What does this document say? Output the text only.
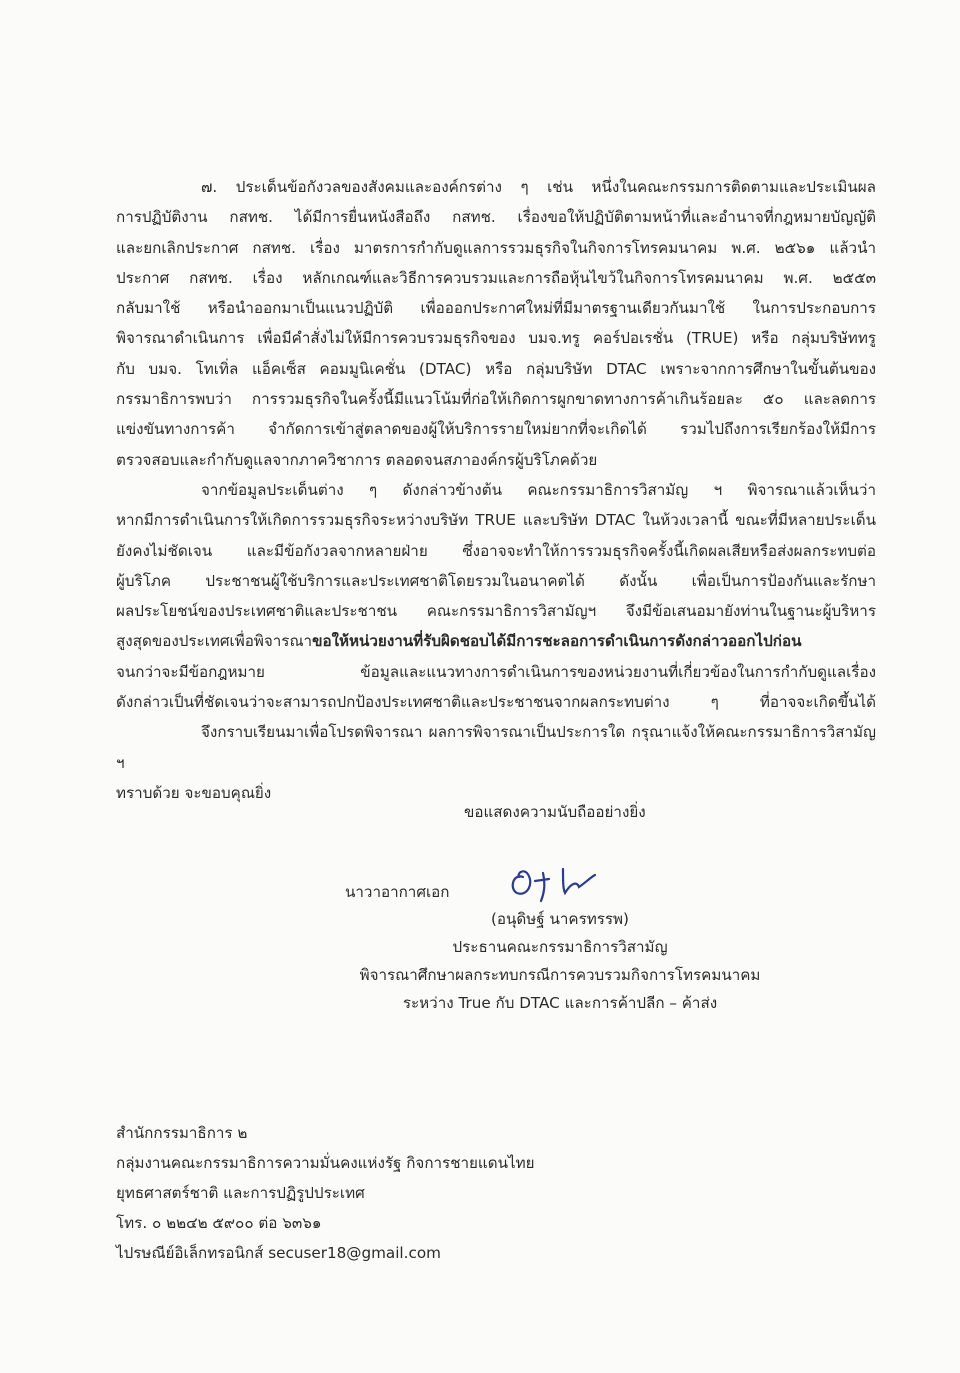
๗. ประเด็นข้อกังวลของสังคมและองค์กรต่าง ๆ เช่น หนึ่งในคณะกรรมการติดตามและประเมินผล

การปฏิบัติงาน กสทช. ได้มีการยื่นหนังสือถึง กสทช. เรื่องขอให้ปฏิบัติตามหน้าที่และอำนาจที่กฎหมายบัญญัติ

และยกเลิกประกาศ กสทช. เรื่อง มาตรการกำกับดูแลการรวมธุรกิจในกิจการโทรคมนาคม พ.ศ. ๒๕๖๑ แล้วนำ

ประกาศ กสทช. เรื่อง หลักเกณฑ์และวิธีการควบรวมและการถือหุ้นไขว้ในกิจการโทรคมนาคม พ.ศ. ๒๕๕๓

กลับมาใช้ หรือนำออกมาเป็นแนวปฏิบัติ เพื่อออกประกาศใหม่ที่มีมาตรฐานเดียวกันมาใช้ ในการประกอบการ

พิจารณาดำเนินการ เพื่อมีคำสั่งไม่ให้มีการควบรวมธุรกิจของ บมจ.ทรู คอร์ปอเรชั่น (TRUE) หรือ กลุ่มบริษัททรู

กับ บมจ. โทเทิ่ล แอ็คเซ็ส คอมมูนิเคชั่น (DTAC) หรือ กลุ่มบริษัท DTAC เพราะจากการศึกษาในขั้นต้นของ

กรรมาธิการพบว่า การรวมธุรกิจในครั้งนี้มีแนวโน้มที่ก่อให้เกิดการผูกขาดทางการค้าเกินร้อยละ ๕๐ และลดการ

แข่งขันทางการค้า จำกัดการเข้าสู่ตลาดของผู้ให้บริการรายใหม่ยากที่จะเกิดได้ รวมไปถึงการเรียกร้องให้มีการ

ตรวจสอบและกำกับดูแลจากภาควิชาการ ตลอดจนสภาองค์กรผู้บริโภคด้วย

จากข้อมูลประเด็นต่าง ๆ ดังกล่าวข้างต้น คณะกรรมาธิการวิสามัญ ฯ พิจารณาแล้วเห็นว่า

หากมีการดำเนินการให้เกิดการรวมธุรกิจระหว่างบริษัท TRUE และบริษัท DTAC ในห้วงเวลานี้ ขณะที่มีหลายประเด็น

ยังคงไม่ชัดเจน และมีข้อกังวลจากหลายฝ่าย ซึ่งอาจจะทำให้การรวมธุรกิจครั้งนี้เกิดผลเสียหรือส่งผลกระทบต่อ

ผู้บริโภค ประชาชนผู้ใช้บริการและประเทศชาติโดยรวมในอนาคตได้ ดังนั้น เพื่อเป็นการป้องกันและรักษา

ผลประโยชน์ของประเทศชาติและประชาชน คณะกรรมาธิการวิสามัญฯ จึงมีข้อเสนอมายังท่านในฐานะผู้บริหาร

สูงสุดของประเทศเพื่อพิจารณาขอให้หน่วยงานที่รับผิดชอบได้มีการชะลอการดำเนินการดังกล่าวออกไปก่อน

จนกว่าจะมีข้อกฎหมาย ข้อมูลและแนวทางการดำเนินการของหน่วยงานที่เกี่ยวข้องในการกำกับดูแลเรื่อง

ดังกล่าวเป็นที่ชัดเจนว่าจะสามารถปกป้องประเทศชาติและประชาชนจากผลกระทบต่าง ๆ ที่อาจจะเกิดขึ้นได้

จึงกราบเรียนมาเพื่อโปรดพิจารณา ผลการพิจารณาเป็นประการใด กรุณาแจ้งให้คณะกรรมาธิการวิสามัญ ฯ

ทราบด้วย จะขอบคุณยิ่ง

ขอแสดงความนับถืออย่างยิ่ง
นาวาอากาศเอก
(อนุดิษฐ์ นาครทรรพ)
ประธานคณะกรรมาธิการวิสามัญ
พิจารณาศึกษาผลกระทบกรณีการควบรวมกิจการโทรคมนาคม
ระหว่าง True กับ DTAC และการค้าปลีก – ค้าส่ง
สำนักกรรมาธิการ ๒
กลุ่มงานคณะกรรมาธิการความมั่นคงแห่งรัฐ กิจการชายแดนไทย
ยุทธศาสตร์ชาติ และการปฏิรูปประเทศ
โทร. ๐ ๒๒๔๒ ๕๙๐๐ ต่อ ๖๓๖๑
ไปรษณีย์อิเล็กทรอนิกส์ secuser18@gmail.com
